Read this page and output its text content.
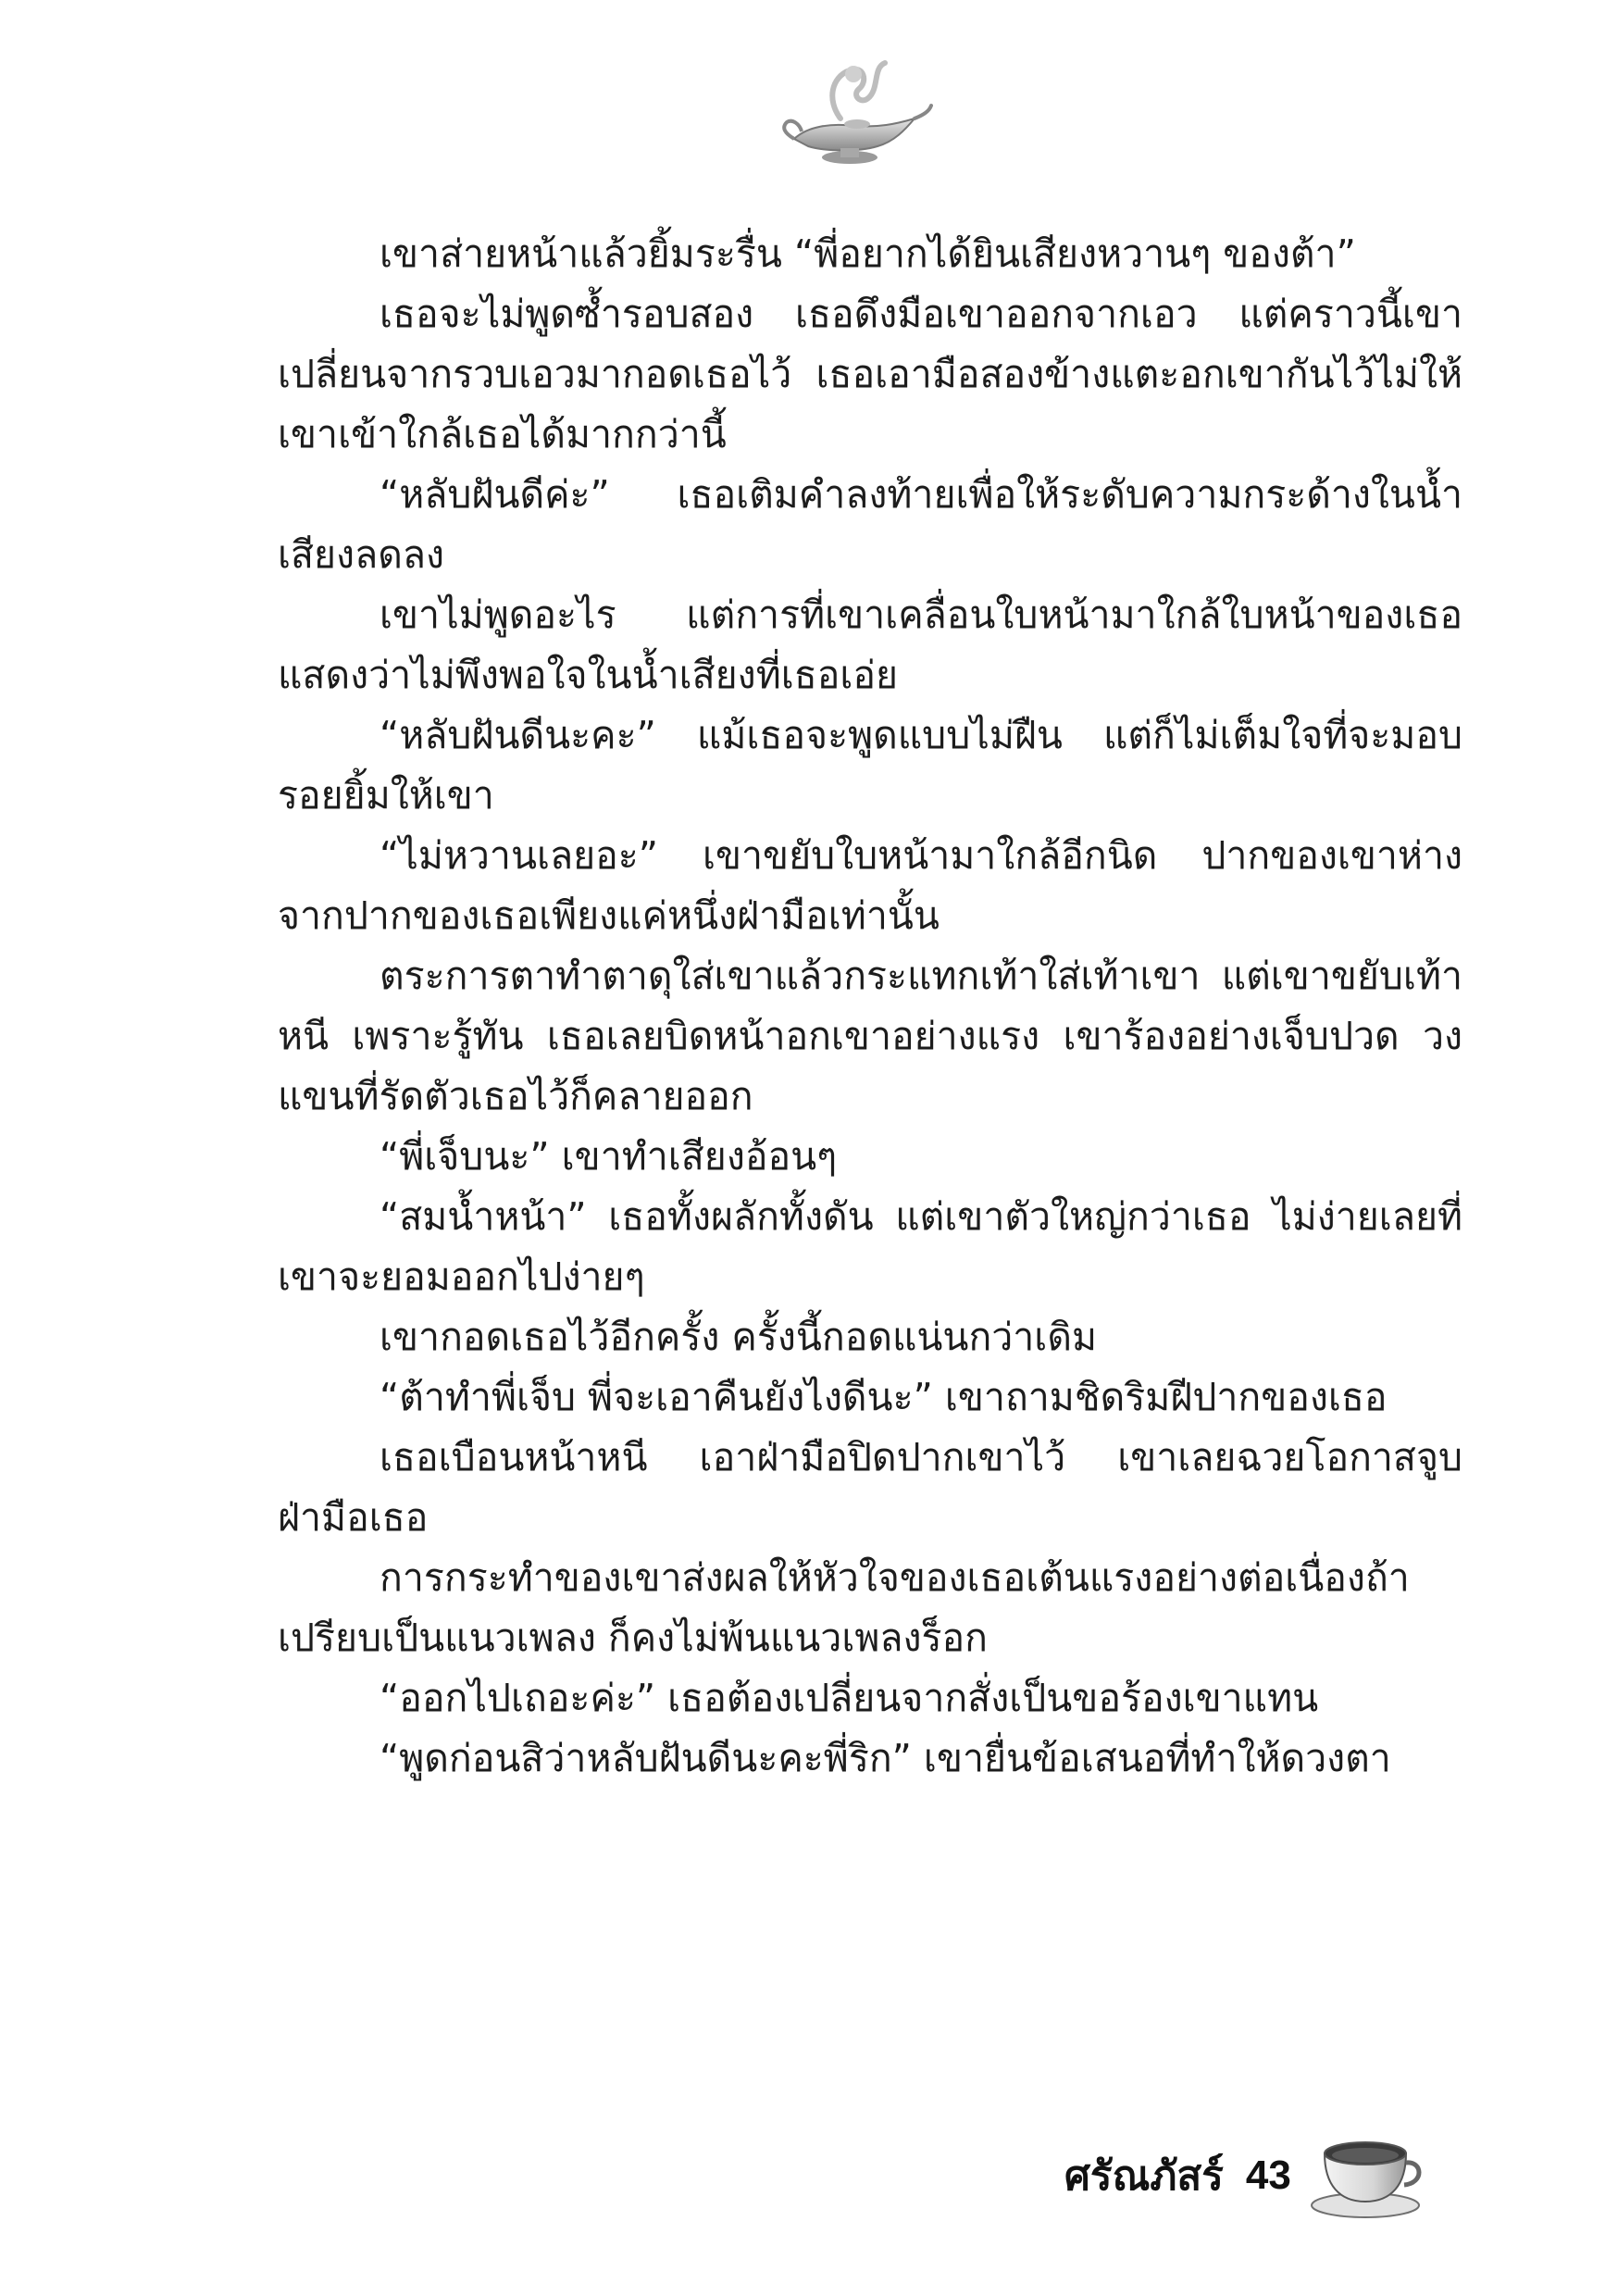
เขาส่ายหน้าแล้วยิ้มระรื่น “พี่อยากได้ยินเสียงหวานๆ ของต้า”

เธอจะไม่พูดซ้ำรอบสอง เธอดึงมือเขาออกจากเอว แต่คราวนี้เขาเปลี่ยนจากรวบเอวมากอดเธอไว้ เธอเอามือสองข้างแตะอกเขากันไว้ไม่ให้เขาเข้าใกล้เธอได้มากกว่านี้

“หลับฝันดีค่ะ” เธอเติมคำลงท้ายเพื่อให้ระดับความกระด้างในน้ำเสียงลดลง

เขาไม่พูดอะไร แต่การที่เขาเคลื่อนใบหน้ามาใกล้ใบหน้าของเธอแสดงว่าไม่พึงพอใจในน้ำเสียงที่เธอเอ่ย

“หลับฝันดีนะคะ” แม้เธอจะพูดแบบไม่ฝืน แต่ก็ไม่เต็มใจที่จะมอบรอยยิ้มให้เขา

“ไม่หวานเลยอะ” เขาขยับใบหน้ามาใกล้อีกนิด ปากของเขาห่างจากปากของเธอเพียงแค่หนึ่งฝ่ามือเท่านั้น

ตระการตาทำตาดุใส่เขาแล้วกระแทกเท้าใส่เท้าเขา แต่เขาขยับเท้าหนี เพราะรู้ทัน เธอเลยบิดหน้าอกเขาอย่างแรง เขาร้องอย่างเจ็บปวด วงแขนที่รัดตัวเธอไว้ก็คลายออก

“พี่เจ็บนะ” เขาทำเสียงอ้อนๆ

“สมน้ำหน้า” เธอทั้งผลักทั้งดัน แต่เขาตัวใหญ่กว่าเธอ ไม่ง่ายเลยที่เขาจะยอมออกไปง่ายๆ

เขากอดเธอไว้อีกครั้ง ครั้งนี้กอดแน่นกว่าเดิม

“ต้าทำพี่เจ็บ พี่จะเอาคืนยังไงดีนะ” เขาถามชิดริมฝีปากของเธอ

เธอเบือนหน้าหนี เอาฝ่ามือปิดปากเขาไว้ เขาเลยฉวยโอกาสจูบฝ่ามือเธอ

การกระทำของเขาส่งผลให้หัวใจของเธอเต้นแรงอย่างต่อเนื่องถ้าเปรียบเป็นแนวเพลง ก็คงไม่พ้นแนวเพลงร็อก

“ออกไปเถอะค่ะ” เธอต้องเปลี่ยนจากสั่งเป็นขอร้องเขาแทน

“พูดก่อนสิว่าหลับฝันดีนะคะพี่ริก” เขายื่นข้อเสนอที่ทำให้ดวงตา

ศรัณภัสร์ 43
